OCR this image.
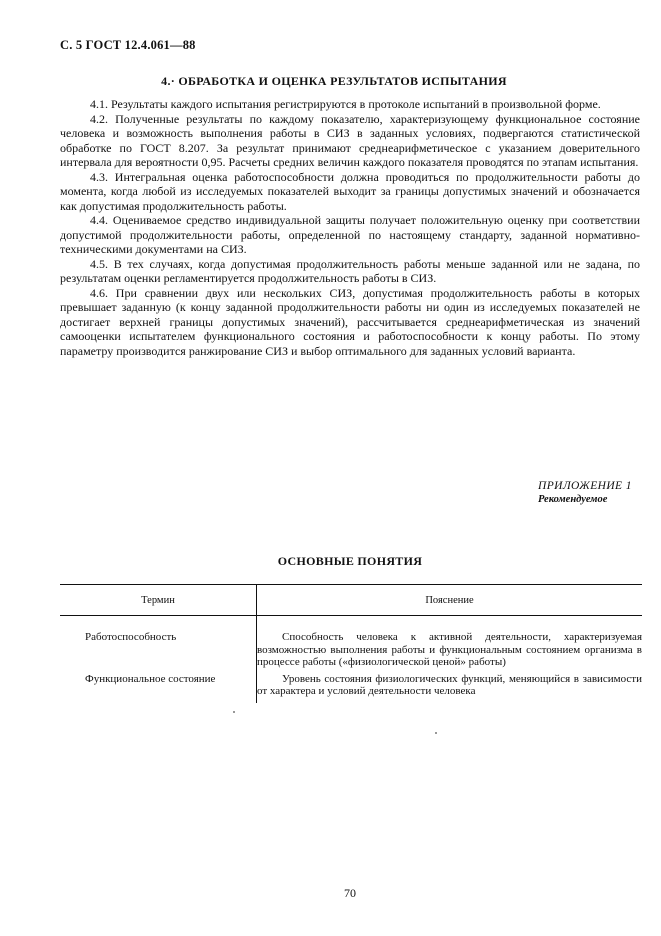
С. 5 ГОСТ 12.4.061—88
4.· ОБРАБОТКА И ОЦЕНКА РЕЗУЛЬТАТОВ ИСПЫТАНИЯ

4.1. Результаты каждого испытания регистрируются в протоколе испытаний в произвольной форме.

4.2. Полученные результаты по каждому показателю, характеризующему функциональное состояние человека и возможность выполнения работы в СИЗ в заданных условиях, подвергаются статистической обработке по ГОСТ 8.207. За результат принимают среднеарифметическое с указанием доверительного интервала для вероятности 0,95. Расчеты средних величин каждого показателя проводятся по этапам испытания.

4.3. Интегральная оценка работоспособности должна проводиться по продолжительности работы до момента, когда любой из исследуемых показателей выходит за границы допустимых значений и обозначается как допустимая продолжительность работы.

4.4. Оцениваемое средство индивидуальной защиты получает положительную оценку при соответствии допустимой продолжительности работы, определенной по настоящему стандарту, заданной нормативно-техническими документами на СИЗ.

4.5. В тех случаях, когда допустимая продолжительность работы меньше заданной или не задана, по результатам оценки регламентируется продолжительность работы в СИЗ.

4.6. При сравнении двух или нескольких СИЗ, допустимая продолжительность работы в которых превышает заданную (к концу заданной продолжительности работы ни один из исследуемых показателей не достигает верхней границы допустимых значений), рассчитывается среднеарифметическая из значений самооценки испытателем функционального состояния и работоспособности к концу работы. По этому параметру производится ранжирование СИЗ и выбор оптимального для заданных условий варианта.

ПРИЛОЖЕНИЕ 1
Рекомендуемое
ОСНОВНЫЕ ПОНЯТИЯ
Термин	Пояснение
Работоспособность	Способность человека к активной деятельности, характеризуемая возможностью выполнения работы и функциональным состоянием организма в процессе работы («физиологической ценой» работы)

Функциональное состояние	Уровень состояния физиологических функций, меняющийся в зависимости от характера и условий деятельности человека
70
